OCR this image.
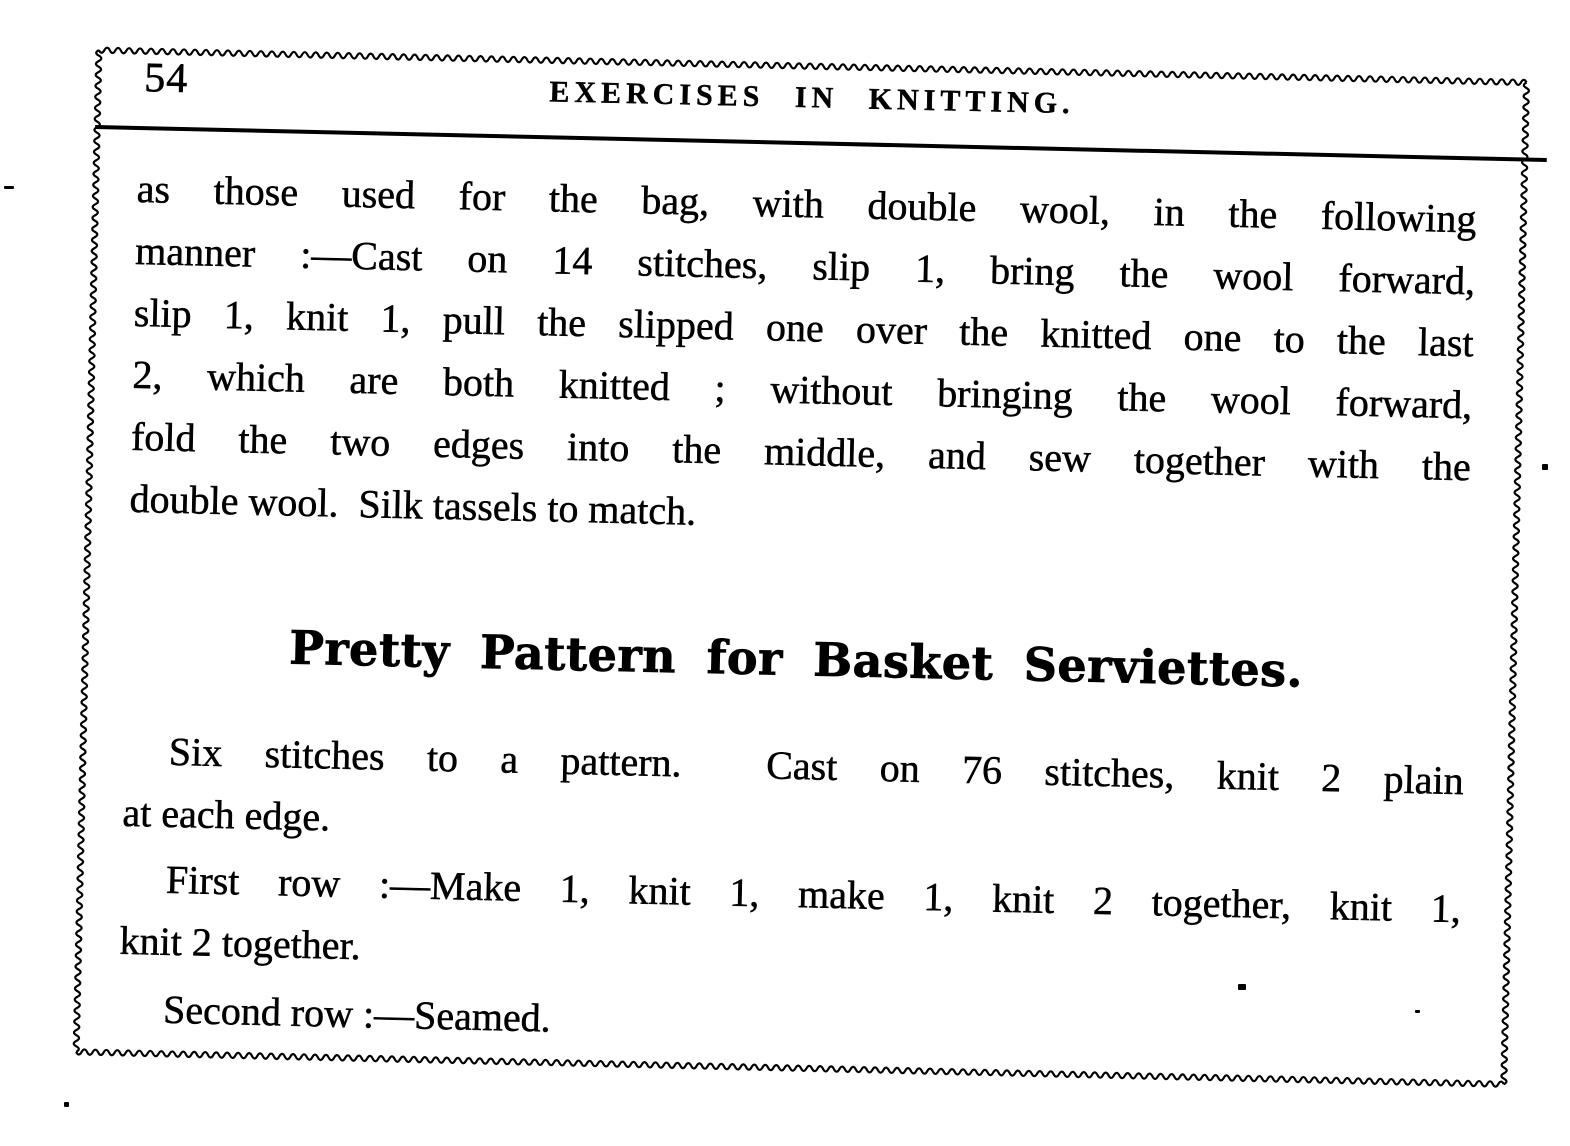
54	EXERCISES IN KNITTING.
as those used for the bag, with double wool, in the following
manner :—Cast on 14 stitches, slip 1, bring the wool forward,
slip 1, knit 1, pull the slipped one over the knitted one to the last
2, which are both knitted ; without bringing the wool forward,
fold the two edges into the middle, and sew together with the
double wool.  Silk tassels to match.
Pretty Pattern for Basket Serviettes.
Six stitches to a pattern.  Cast on 76 stitches, knit 2 plain
at each edge.
First row :—Make 1, knit 1, make 1, knit 2 together, knit 1,
knit 2 together.
Second row :—Seamed.
